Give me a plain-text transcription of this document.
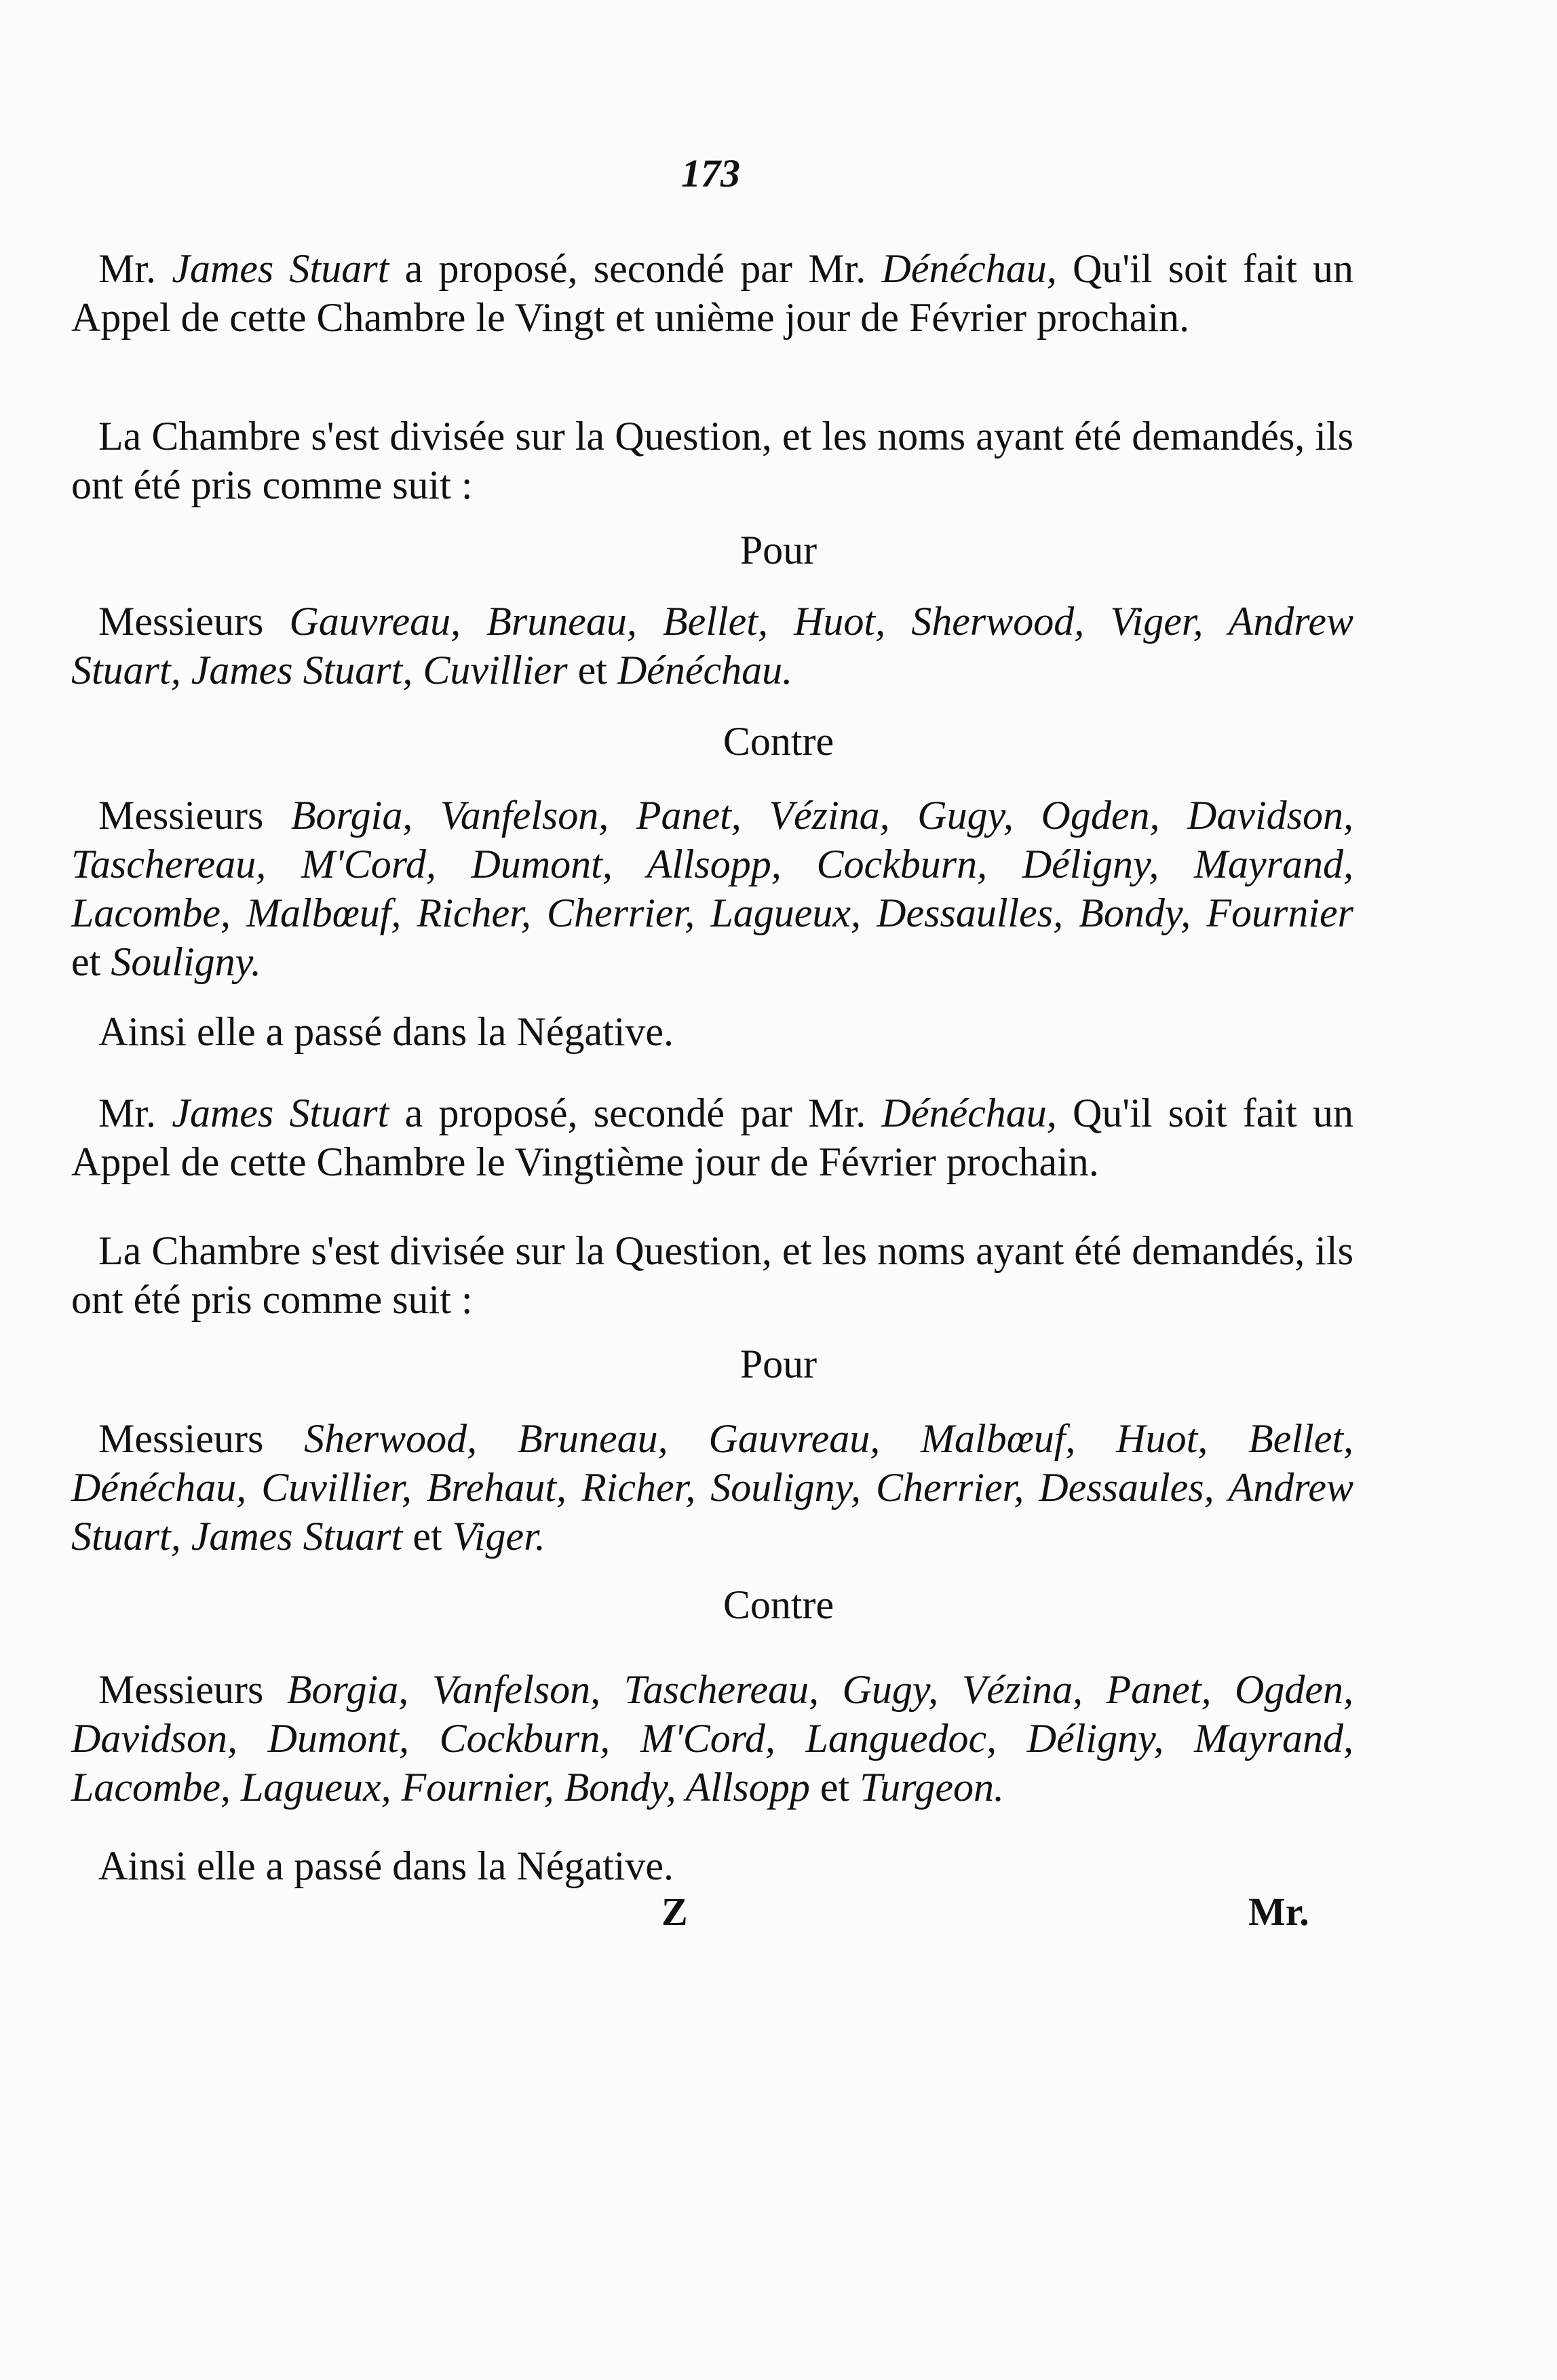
173
Mr. James Stuart a proposé, secondé par Mr. Dénéchau, Qu'il soit fait un Appel de cette Chambre le Vingt et unième jour de Février prochain.
La Chambre s'est divisée sur la Question, et les noms ayant été demandés, ils ont été pris comme suit :
Pour
Messieurs Gauvreau, Bruneau, Bellet, Huot, Sherwood, Viger, Andrew Stuart, James Stuart, Cuvillier et Dénéchau.
Contre
Messieurs Borgia, Vanfelson, Panet, Vézina, Gugy, Ogden, Davidson, Taschereau, M'Cord, Dumont, Allsopp, Cockburn, Déligny, Mayrand, Lacombe, Malbœuf, Richer, Cherrier, Lagueux, Dessaulles, Bondy, Fournier et Souligny.
Ainsi elle a passé dans la Négative.
Mr. James Stuart a proposé, secondé par Mr. Dénéchau, Qu'il soit fait un Appel de cette Chambre le Vingtième jour de Février prochain.
La Chambre s'est divisée sur la Question, et les noms ayant été demandés, ils ont été pris comme suit :
Pour
Messieurs Sherwood, Bruneau, Gauvreau, Malbœuf, Huot, Bellet, Dénéchau, Cuvillier, Brehaut, Richer, Souligny, Cherrier, Dessaules, Andrew Stuart, James Stuart et Viger.
Contre
Messieurs Borgia, Vanfelson, Taschereau, Gugy, Vézina, Panet, Ogden, Davidson, Dumont, Cockburn, M'Cord, Languedoc, Déligny, Mayrand, Lacombe, Lagueux, Fournier, Bondy, Allsopp et Turgeon.
Ainsi elle a passé dans la Négative.
Z	Mr.
